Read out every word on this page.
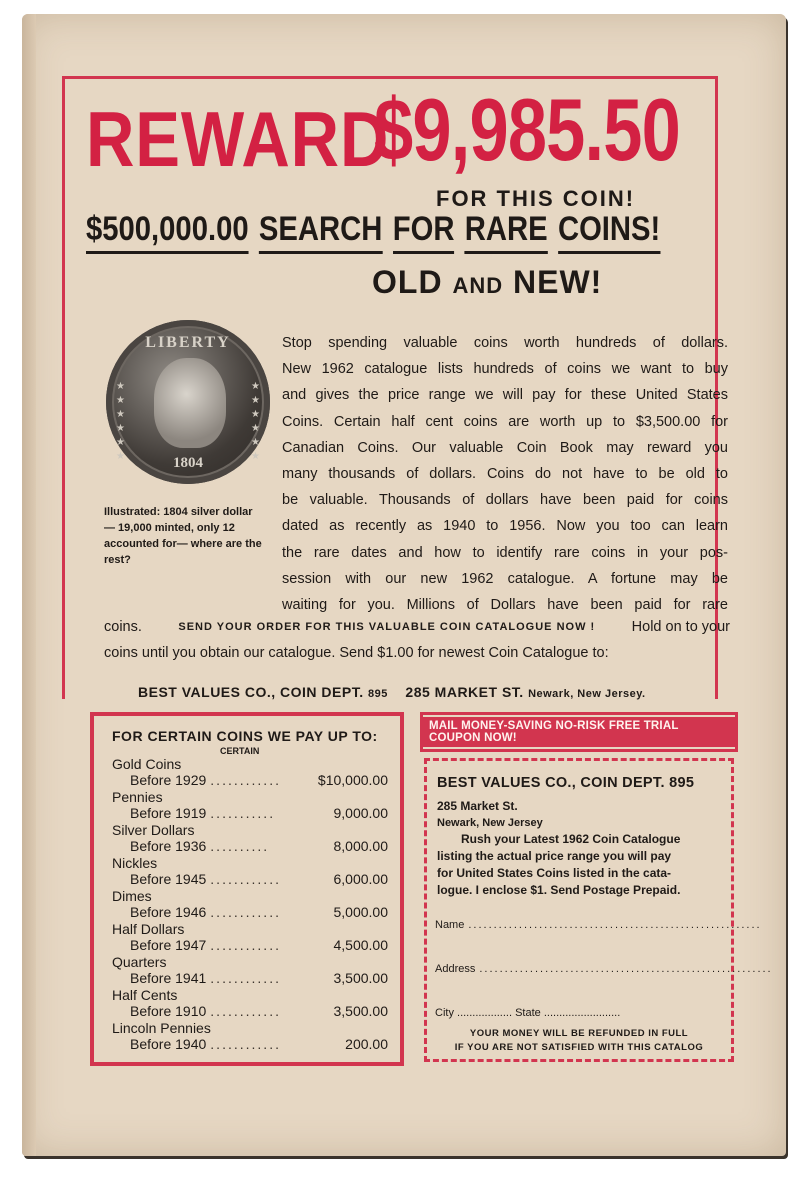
REWARD
$9,985.50
FOR THIS COIN!
$500,000.00 SEARCH FOR RARE COINS!
OLD AND NEW!
LIBERTY
★
★
★
★
★
★
★
★
★
★
★
★
1804
Illustrated: 1804 silver dollar — 19,000 minted, only 12 accounted for— where are the rest?

Stop spending valuable coins worth hundreds of dollars.

New 1962 catalogue lists hundreds of coins we want to buy

and gives the price range we will pay for these United States

Coins. Certain half cent coins are worth up to $3,500.00 for

Canadian Coins. Our valuable Coin Book may reward you

many thousands of dollars. Coins do not have to be old to

be valuable. Thousands of dollars have been paid for coins

dated as recently as 1940 to 1956. Now you too can learn

the rare dates and how to identify rare coins in your pos-

session with our new 1962 catalogue. A fortune may be

waiting for you. Millions of Dollars have been paid for rare

coins.	SEND YOUR ORDER FOR THIS VALUABLE COIN CATALOGUE NOW !	Hold on to your
coins until you obtain our catalogue. Send $1.00 for newest Coin Catalogue to:
BEST VALUES CO., COIN DEPT. 895 285 MARKET ST. Newark, New Jersey.
FOR CERTAIN COINS WE PAY UP TO:
CERTAIN
Gold Coins
Before 1929 ............	$10,000.00
Pennies
Before 1919 ...........	9,000.00
Silver Dollars
Before 1936 ..........	8,000.00
Nickles
Before 1945 ............	6,000.00
Dimes
Before 1946 ............	5,000.00
Half Dollars
Before 1947 ............	4,500.00
Quarters
Before 1941 ............	3,500.00
Half Cents
Before 1910 ............	3,500.00
Lincoln Pennies
Before 1940 ............	200.00
MAIL MONEY-SAVING NO-RISK FREE TRIAL COUPON NOW!
BEST VALUES CO., COIN DEPT. 895
285 Market St.
Newark, New Jersey

Rush your Latest 1962 Coin Catalogue

listing the actual price range you will pay

for United States Coins listed in the cata-

logue. I enclose $1. Send Postage Prepaid.

Name ..........................................................
Address ..........................................................
City .................. State .........................
YOUR MONEY WILL BE REFUNDED IN FULL
IF YOU ARE NOT SATISFIED WITH THIS CATALOG
